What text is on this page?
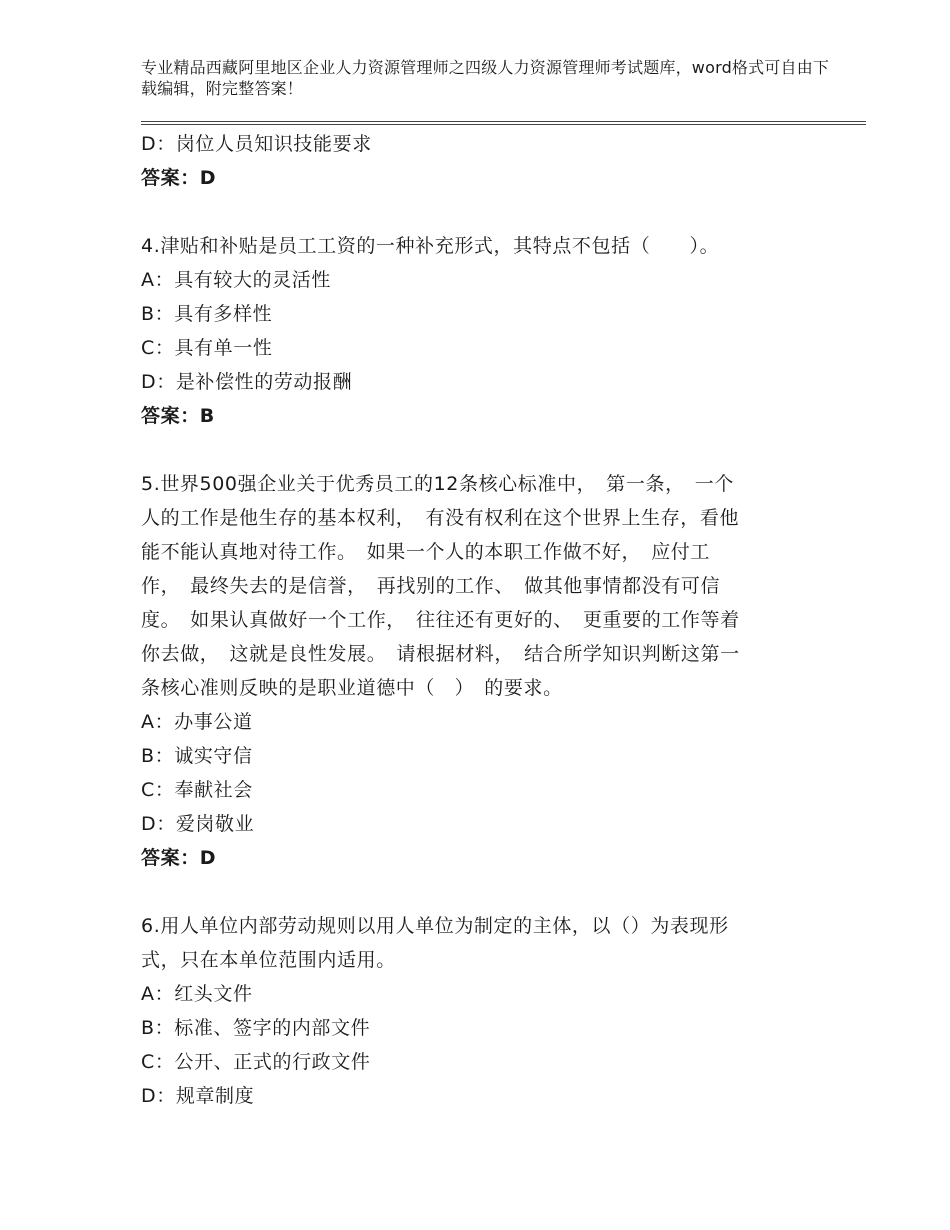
专业精品西藏阿里地区企业人力资源管理师之四级人力资源管理师考试题库，word格式可自由下载编辑，附完整答案！
D：岗位人员知识技能要求
答案：D
4.津贴和补贴是员工工资的一种补充形式，其特点不包括（　　）。
A：具有较大的灵活性
B：具有多样性
C：具有单一性
D：是补偿性的劳动报酬
答案：B
5.世界500强企业关于优秀员工的12条核心标准中，　第一条，　一个
人的工作是他生存的基本权利，　有没有权利在这个世界上生存，看他
能不能认真地对待工作。　如果一个人的本职工作做不好，　应付工
作，　最终失去的是信誉，　再找别的工作、　做其他事情都没有可信
度。　如果认真做好一个工作，　往往还有更好的、　更重要的工作等着
你去做，　这就是良性发展。　请根据材料，　结合所学知识判断这第一
条核心准则反映的是职业道德中（　）　的要求。
A：办事公道
B：诚实守信
C：奉献社会
D：爱岗敬业
答案：D
6.用人单位内部劳动规则以用人单位为制定的主体，以（）为表现形
式，只在本单位范围内适用。
A：红头文件
B：标准、签字的内部文件
C：公开、正式的行政文件
D：规章制度
